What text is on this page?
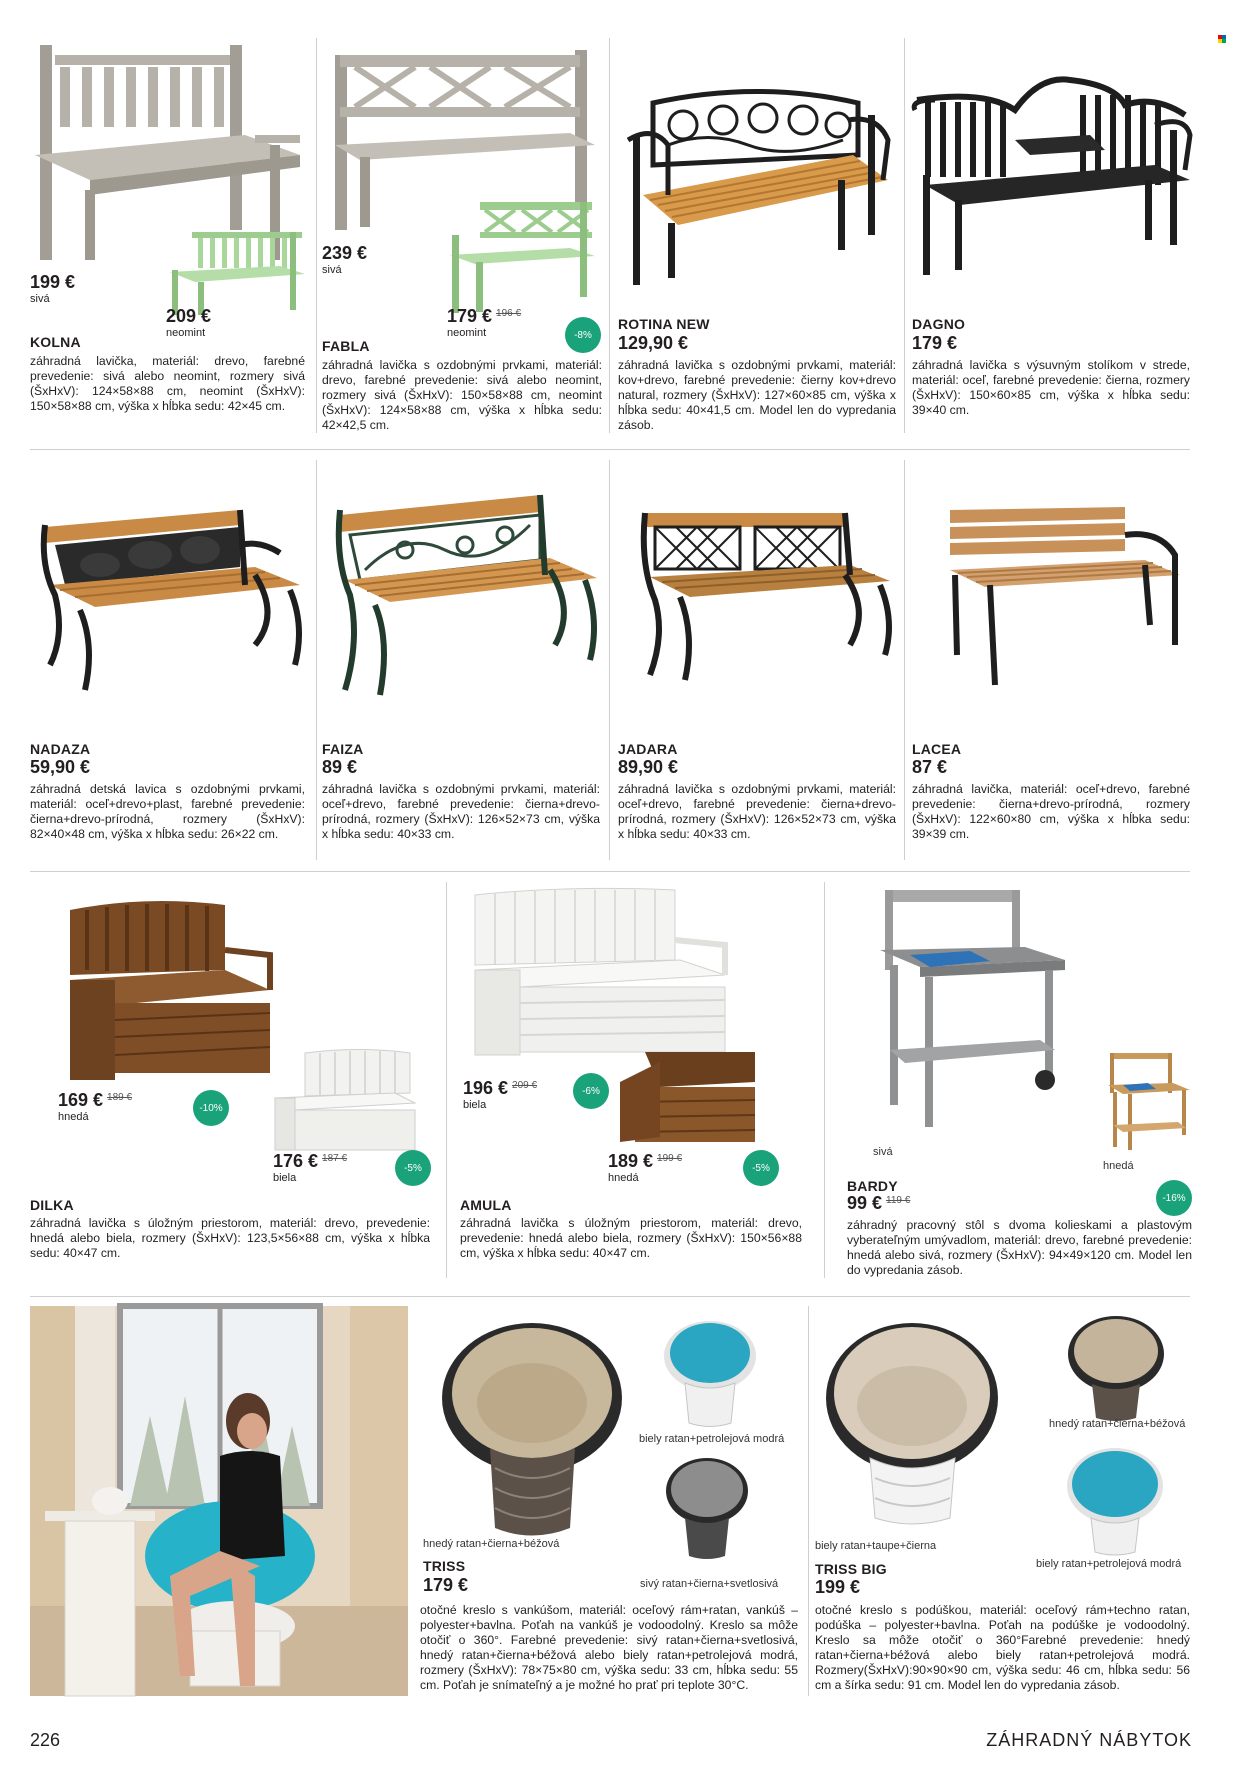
199 €
sivá
209 €
neomint
KOLNA
záhradná lavička, materiál: drevo, farebné prevedenie: sivá alebo neomint, rozmery sivá (ŠxHxV): 124×58×88 cm, neomint (ŠxHxV): 150×58×88 cm, výška x hĺbka sedu: 42×45 cm.
239 €
sivá
179 € $^{196 €}$
neomint	-8%
FABLA
záhradná lavička s ozdobnými prvkami, materiál: drevo, farebné prevedenie: sivá alebo neomint, rozmery sivá (ŠxHxV): 150×58×88 cm, neomint (ŠxHxV): 124×58×88 cm, výška x hĺbka sedu: 42×42,5 cm.
ROTINA NEW
129,90 €
záhradná lavička s ozdobnými prvkami, materiál: kov+drevo, farebné prevedenie: čierny kov+drevo natural, rozmery (ŠxHxV): 127×60×85 cm, výška x hĺbka sedu: 40×41,5 cm. Model len do vypredania zásob.
DAGNO
179 €
záhradná lavička s výsuvným stolíkom v strede, materiál: oceľ, farebné prevedenie: čierna, rozmery (ŠxHxV): 150×60×85 cm, výška x hĺbka sedu: 39×40 cm.
NADAZA
59,90 €
záhradná detská lavica s ozdobnými prvkami, materiál: oceľ+drevo+plast, farebné prevedenie: čierna+drevo-prírodná, rozmery (ŠxHxV): 82×40×48 cm, výška x hĺbka sedu: 26×22 cm.
FAIZA
89 €
záhradná lavička s ozdobnými prvkami, materiál: oceľ+drevo, farebné prevedenie: čierna+drevo-prírodná, rozmery (ŠxHxV): 126×52×73 cm, výška x hĺbka sedu: 40×33 cm.
JADARA
89,90 €
záhradná lavička s ozdobnými prvkami, materiál: oceľ+drevo, farebné prevedenie: čierna+drevo-prírodná, rozmery (ŠxHxV): 126×52×73 cm, výška x hĺbka sedu: 40×33 cm.
LACEA
87 €
záhradná lavička, materiál: oceľ+drevo, farebné prevedenie: čierna+drevo-prírodná, rozmery (ŠxHxV): 122×60×80 cm, výška x hĺbka sedu: 39×39 cm.
169 € $^{189 €}$
hnedá
-10%
176 € $^{187 €}$
biela
-5%
DILKA
záhradná lavička s úložným priestorom, materiál: drevo, prevedenie: hnedá alebo biela, rozmery (ŠxHxV): 123,5×56×88 cm, výška x hĺbka sedu: 40×47 cm.
196 € $^{209 €}$
biela
-6%
189 € $^{199 €}$
hnedá
-5%
AMULA
záhradná lavička s úložným priestorom, materiál: drevo, prevedenie: hnedá alebo biela, rozmery (ŠxHxV): 150×56×88 cm, výška x hĺbka sedu: 40×47 cm.
sivá
hnedá
BARDY
99 € $^{119 €}$	-16%
záhradný pracovný stôl s dvoma kolieskami a plastovým vyberateľným umývadlom, materiál: drevo, farebné prevedenie: hnedá alebo sivá, rozmery (ŠxHxV): 94×49×120 cm. Model len do vypredania zásob.
biely ratan+petrolejová modrá
hnedý ratan+čierna+béžová
sivý ratan+čierna+svetlosivá
TRISS
179 €
otočné kreslo s vankúšom, materiál: oceľový rám+ratan, vankúš – polyester+bavlna. Poťah na vankúš je vodoodolný. Kreslo sa môže otočiť o 360°. Farebné prevedenie: sivý ratan+čierna+svetlosivá, hnedý ratan+čierna+béžová alebo biely ratan+petrolejová modrá, rozmery (ŠxHxV): 78×75×80 cm, výška sedu: 33 cm, hĺbka sedu: 55 cm. Poťah je snímateľný a je možné ho prať pri teplote 30°C.
hnedý ratan+čierna+béžová
biely ratan+taupe+čierna
biely ratan+petrolejová modrá
TRISS BIG
199 €
otočné kreslo s podúškou, materiál: oceľový rám+techno ratan, podúška – polyester+bavlna. Poťah na podúške je vodoodolný. Kreslo sa môže otočiť o 360°Farebné prevedenie: hnedý ratan+čierna+béžová alebo biely ratan+petrolejová modrá. Rozmery(ŠxHxV):90×90×90 cm, výška sedu: 46 cm, hĺbka sedu: 56 cm a šírka sedu: 91 cm. Model len do vypredania zásob.
226	ZÁHRADNÝ NÁBYTOK
